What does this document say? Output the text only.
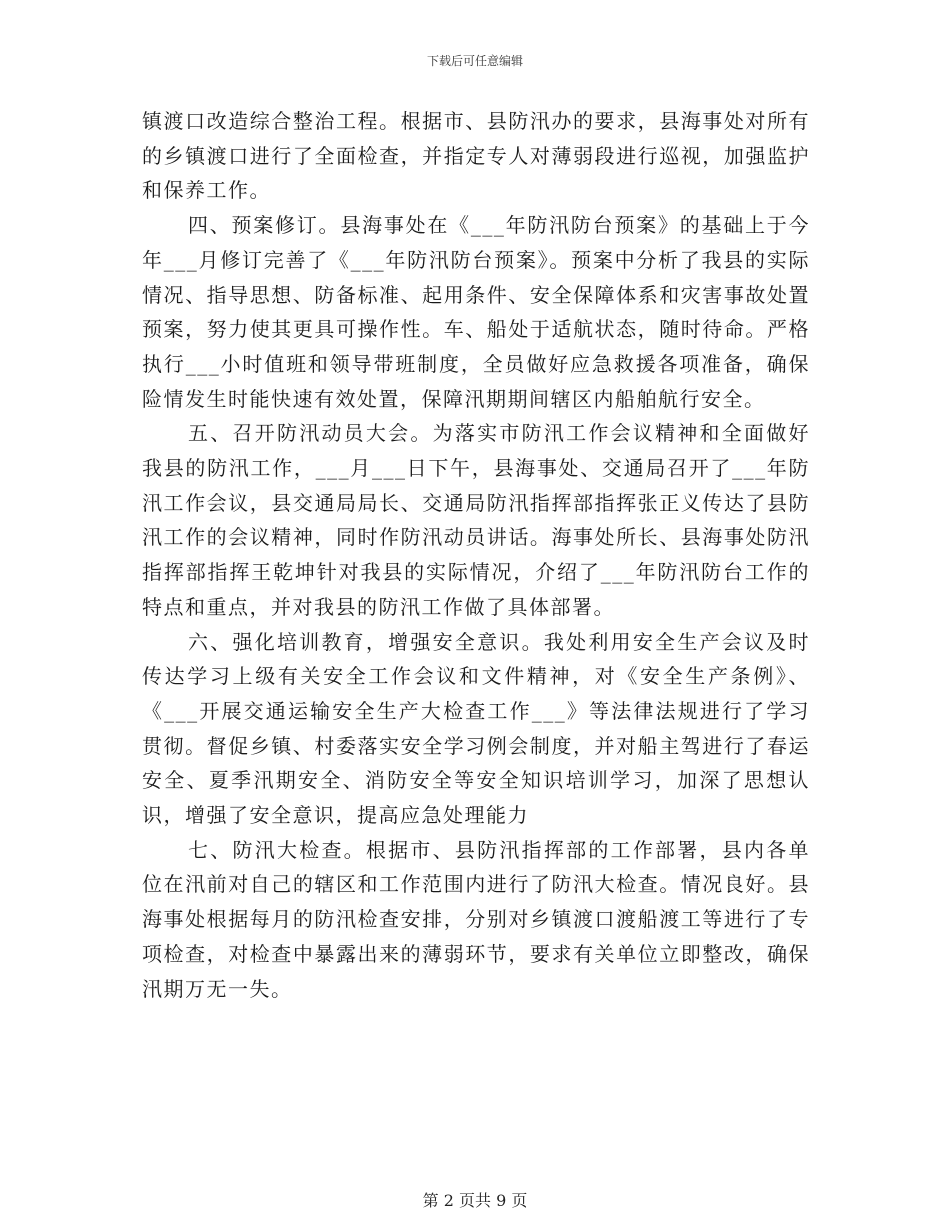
下载后可任意编辑

镇渡口改造综合整治工程。根据市、县防汛办的要求，县海事处对所有的乡镇渡口进行了全面检查，并指定专人对薄弱段进行巡视，加强监护和保养工作。

四、预案修订。县海事处在《___年防汛防台预案》的基础上于今年___月修订完善了《___年防汛防台预案》。预案中分析了我县的实际情况、指导思想、防备标准、起用条件、安全保障体系和灾害事故处置预案，努力使其更具可操作性。车、船处于适航状态，随时待命。严格执行___小时值班和领导带班制度，全员做好应急救援各项准备，确保险情发生时能快速有效处置，保障汛期期间辖区内船舶航行安全。

五、召开防汛动员大会。为落实市防汛工作会议精神和全面做好我县的防汛工作，___月___日下午，县海事处、交通局召开了___年防汛工作会议，县交通局局长、交通局防汛指挥部指挥张正义传达了县防汛工作的会议精神，同时作防汛动员讲话。海事处所长、县海事处防汛指挥部指挥王乾坤针对我县的实际情况，介绍了___年防汛防台工作的特点和重点，并对我县的防汛工作做了具体部署。

六、强化培训教育，增强安全意识。我处利用安全生产会议及时传达学习上级有关安全工作会议和文件精神，对《安全生产条例》、《___开展交通运输安全生产大检查工作___》等法律法规进行了学习贯彻。督促乡镇、村委落实安全学习例会制度，并对船主驾进行了春运安全、夏季汛期安全、消防安全等安全知识培训学习，加深了思想认识，增强了安全意识，提高应急处理能力

七、防汛大检查。根据市、县防汛指挥部的工作部署，县内各单位在汛前对自己的辖区和工作范围内进行了防汛大检查。情况良好。县海事处根据每月的防汛检查安排，分别对乡镇渡口渡船渡工等进行了专项检查，对检查中暴露出来的薄弱环节，要求有关单位立即整改，确保汛期万无一失。

第 2 页共 9 页
